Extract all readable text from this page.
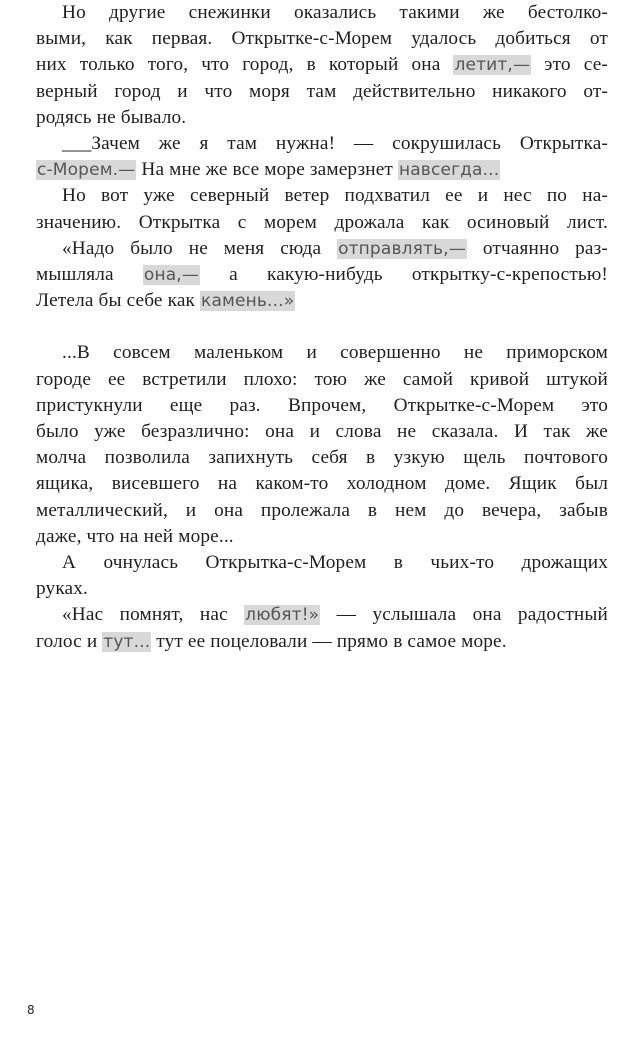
Но другие снежинки оказались такими же бестолко-
выми, как первая. Открытке-с-Морем удалось добиться от
них только того, что город, в который она летит,— это се-
верный город и что моря там действительно никакого от-
родясь не бывало.
___Зачем же я там нужна! — сокрушилась Открытка-
с-Морем.— На мне же все море замерзнет навсегда...
Но вот уже северный ветер подхватил ее и нес по на-
значению. Открытка с морем дрожала как осиновый лист.
«Надо было не меня сюда отправлять,— отчаянно раз-
мышляла она,— а какую-нибудь открытку-с-крепостью!
Летела бы себе как камень...»
...В совсем маленьком и совершенно не приморском
городе ее встретили плохо: тою же самой кривой штукой
пристукнули еще раз. Впрочем, Открытке-с-Морем это
было уже безразлично: она и слова не сказала. И так же
молча позволила запихнуть себя в узкую щель почтового
ящика, висевшего на каком-то холодном доме. Ящик был
металлический, и она пролежала в нем до вечера, забыв
даже, что на ней море...
А очнулась Открытка-с-Морем в чьих-то дрожащих
руках.
«Нас помнят, нас любят!» — услышала она радостный
голос и тут... тут ее поцеловали — прямо в самое море.
8
